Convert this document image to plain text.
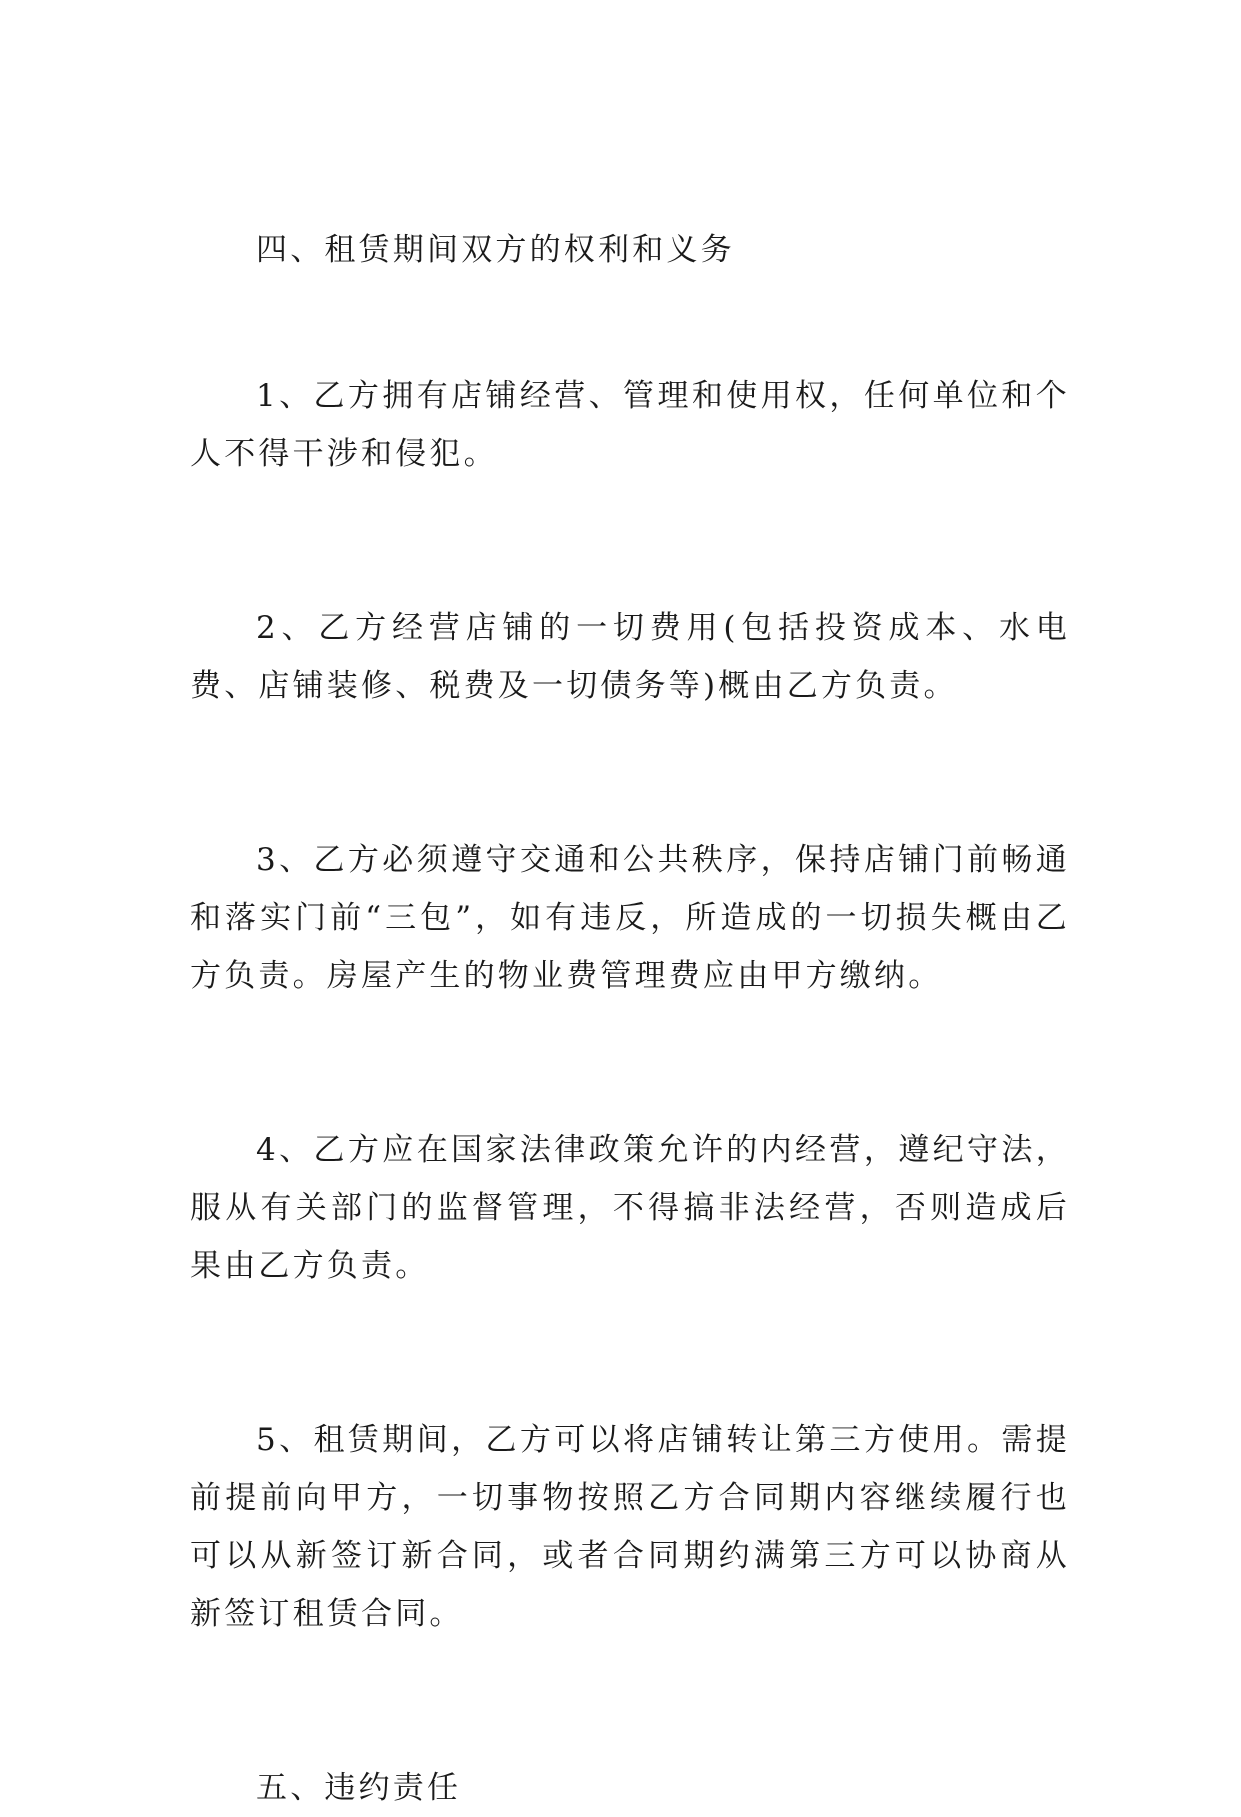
四、租赁期间双方的权利和义务

1、乙方拥有店铺经营、管理和使用权，任何单位和个人不得干涉和侵犯。

2、乙方经营店铺的一切费用(包括投资成本、水电费、店铺装修、税费及一切债务等)概由乙方负责。

3、乙方必须遵守交通和公共秩序，保持店铺门前畅通和落实门前“三包”，如有违反，所造成的一切损失概由乙方负责。房屋产生的物业费管理费应由甲方缴纳。

4、乙方应在国家法律政策允许的内经营，遵纪守法，服从有关部门的监督管理，不得搞非法经营，否则造成后果由乙方负责。

5、租赁期间，乙方可以将店铺转让第三方使用。需提前提前向甲方，一切事物按照乙方合同期内容继续履行也可以从新签订新合同，或者合同期约满第三方可以协商从新签订租赁合同。

五、违约责任
